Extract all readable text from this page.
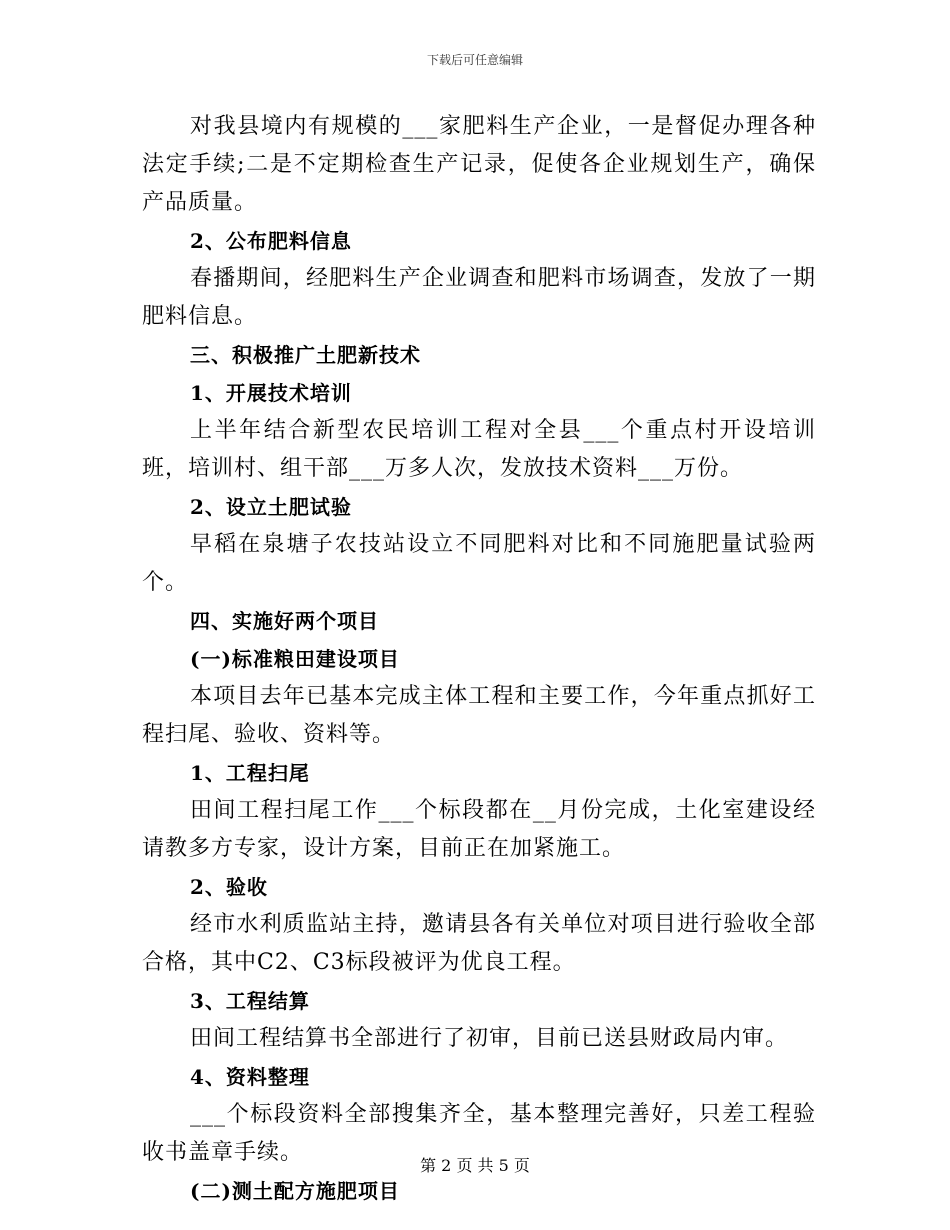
下载后可任意编辑

对我县境内有规模的___家肥料生产企业，一是督促办理各种法定手续;二是不定期检查生产记录，促使各企业规划生产，确保产品质量。

2、公布肥料信息

春播期间，经肥料生产企业调查和肥料市场调查，发放了一期肥料信息。

三、积极推广土肥新技术

1、开展技术培训

上半年结合新型农民培训工程对全县___个重点村开设培训班，培训村、组干部___万多人次，发放技术资料___万份。

2、设立土肥试验

早稻在泉塘子农技站设立不同肥料对比和不同施肥量试验两个。

四、实施好两个项目

(一)标准粮田建设项目

本项目去年已基本完成主体工程和主要工作，今年重点抓好工程扫尾、验收、资料等。

1、工程扫尾

田间工程扫尾工作___个标段都在__月份完成，土化室建设经请教多方专家，设计方案，目前正在加紧施工。

2、验收

经市水利质监站主持，邀请县各有关单位对项目进行验收全部合格，其中C2、C3标段被评为优良工程。

3、工程结算

田间工程结算书全部进行了初审，目前已送县财政局内审。

4、资料整理

___个标段资料全部搜集齐全，基本整理完善好，只差工程验收书盖章手续。

(二)测土配方施肥项目

第 2 页 共 5 页
